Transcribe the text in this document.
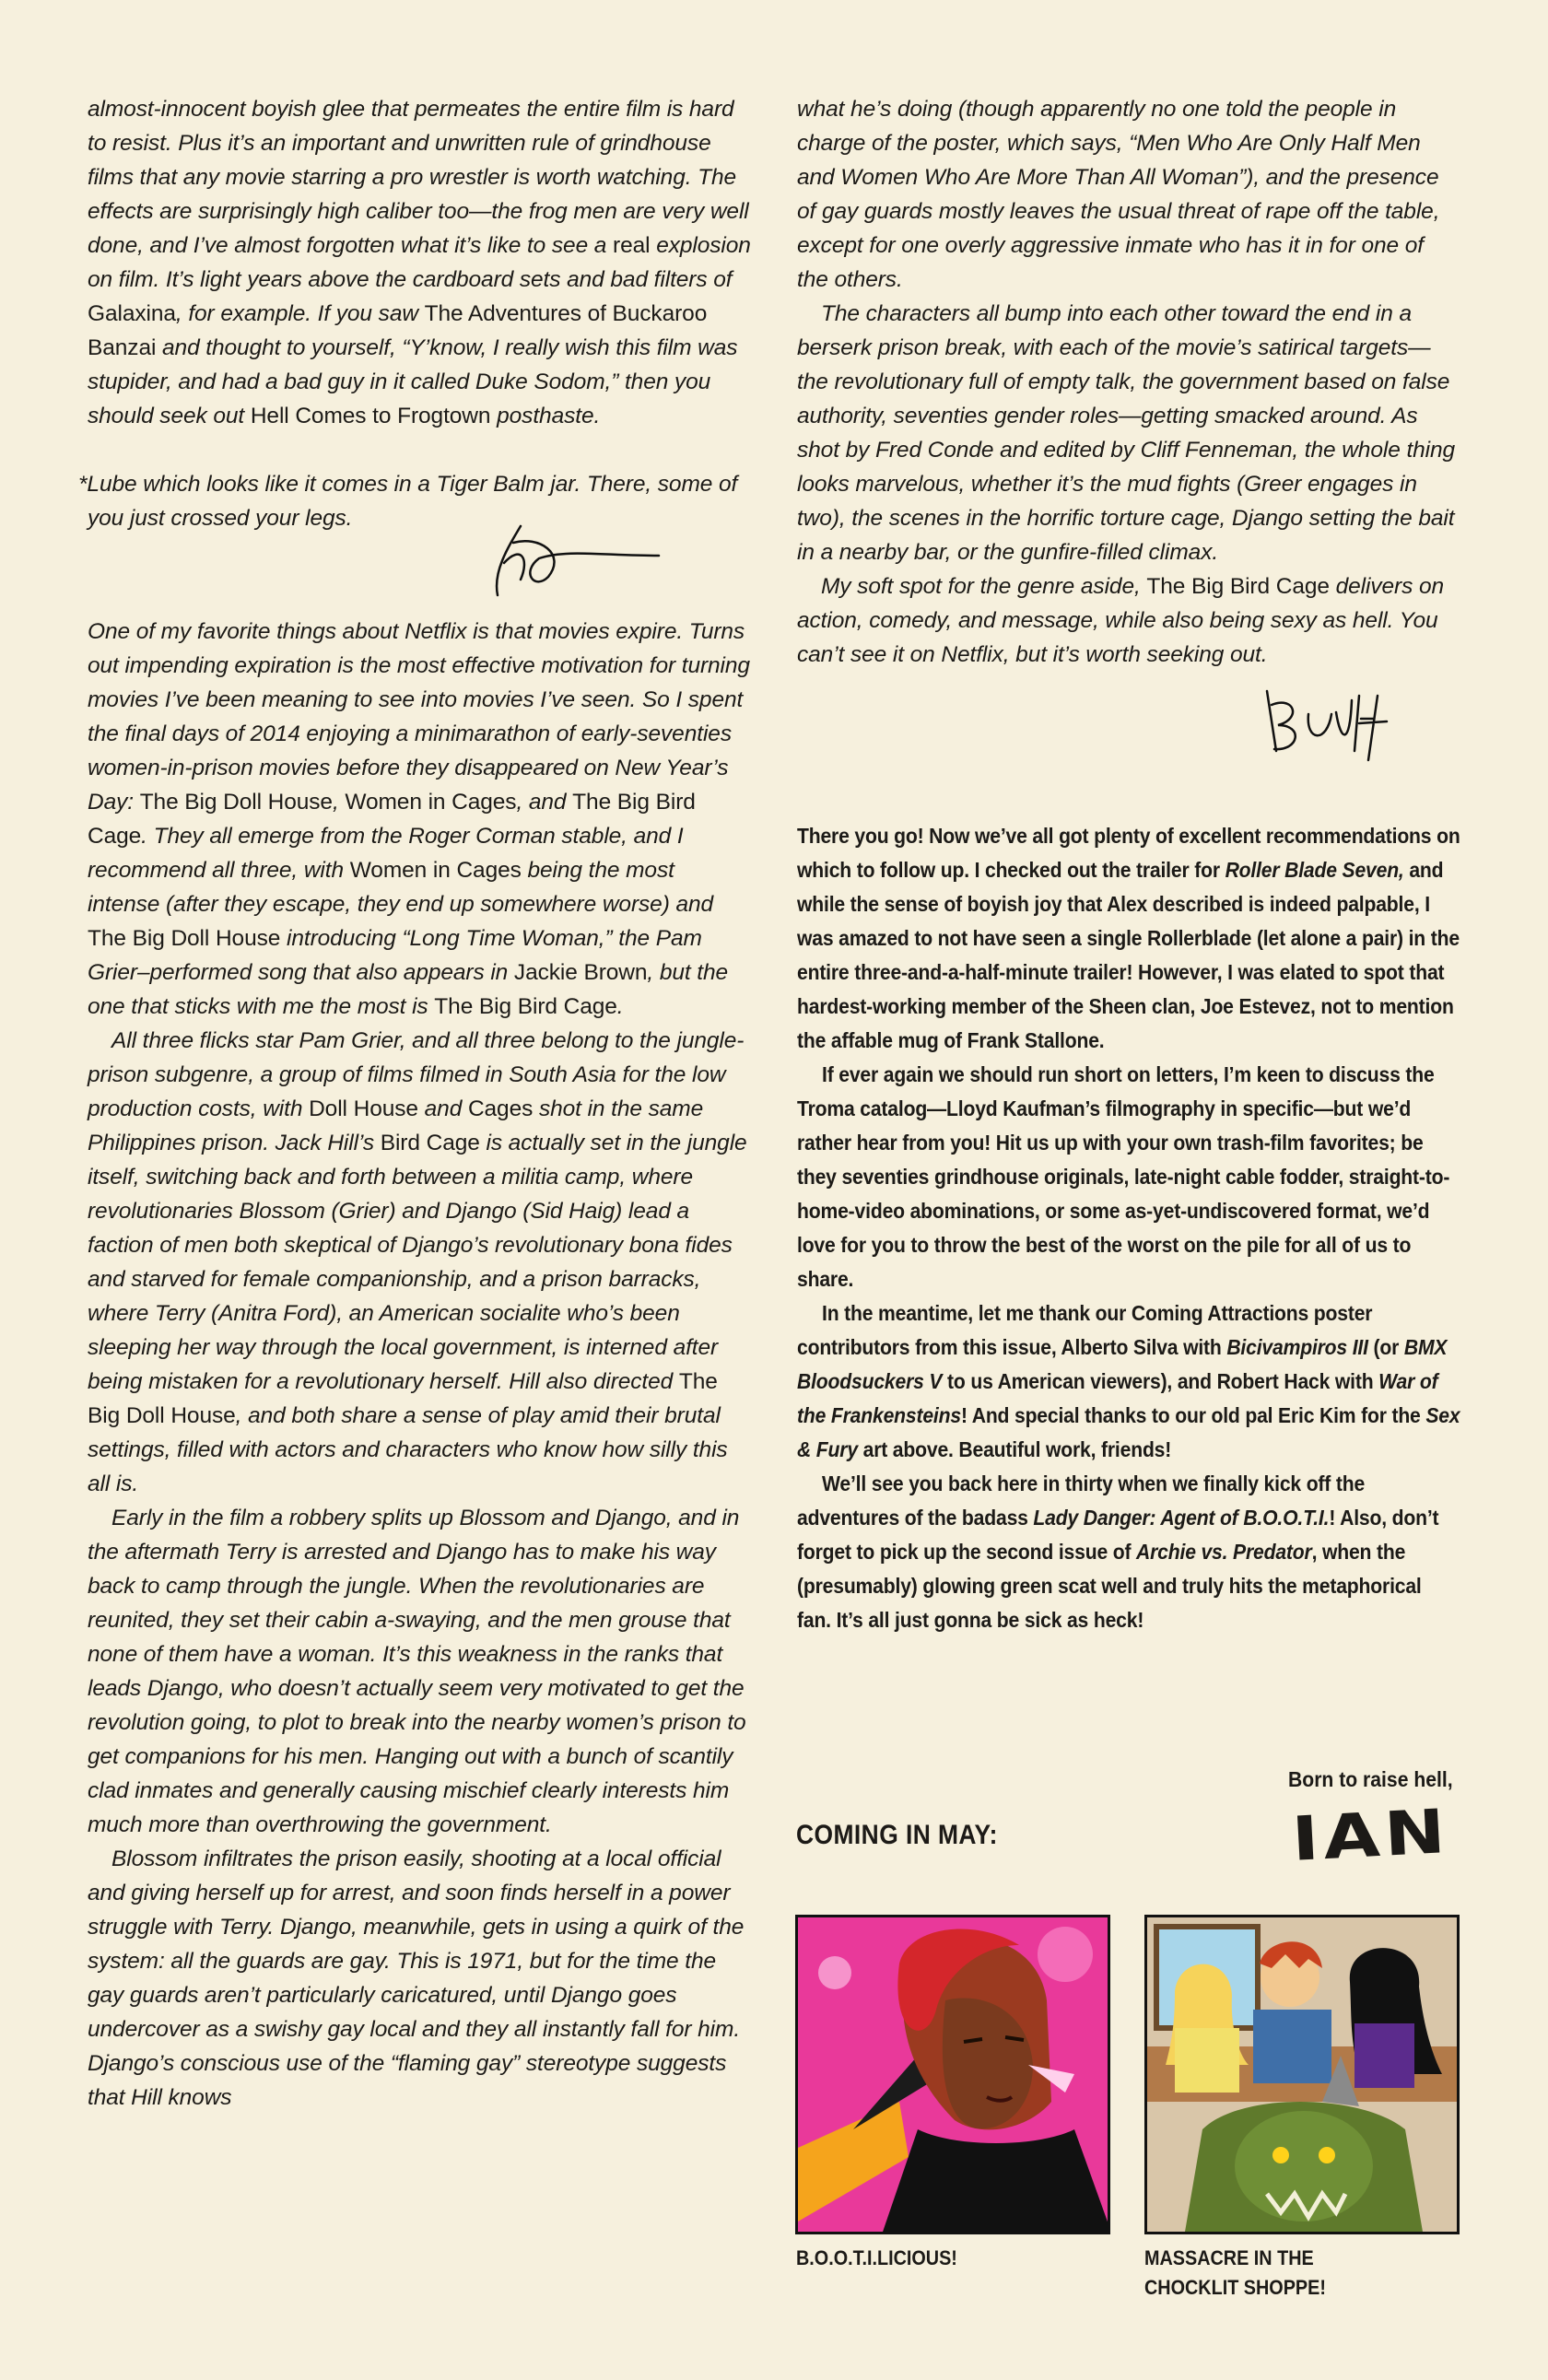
almost-innocent boyish glee that permeates the entire film is hard to resist. Plus it’s an important and unwritten rule of grindhouse films that any movie starring a pro wrestler is worth watching. The effects are surprisingly high caliber too—the frog men are very well done, and I’ve almost forgotten what it’s like to see a real explosion on film. It’s light years above the cardboard sets and bad filters of Galaxina, for example. If you saw The Adventures of Buckaroo Banzai and thought to yourself, “Y’know, I really wish this film was stupider, and had a bad guy in it called Duke Sodom,” then you should seek out Hell Comes to Frogtown posthaste.

*Lube which looks like it comes in a Tiger Balm jar. There, some of you just crossed your legs.

One of my favorite things about Netflix is that movies expire. Turns out impending expiration is the most effective motivation for turning movies I’ve been meaning to see into movies I’ve seen. So I spent the final days of 2014 enjoying a minimarathon of early-seventies women-in-prison movies before they disappeared on New Year’s Day: The Big Doll House, Women in Cages, and The Big Bird Cage. They all emerge from the Roger Corman stable, and I recommend all three, with Women in Cages being the most intense (after they escape, they end up somewhere worse) and The Big Doll House introducing “Long Time Woman,” the Pam Grier–performed song that also appears in Jackie Brown, but the one that sticks with me the most is The Big Bird Cage.

All three flicks star Pam Grier, and all three belong to the jungle-prison subgenre, a group of films filmed in South Asia for the low production costs, with Doll House and Cages shot in the same Philippines prison. Jack Hill’s Bird Cage is actually set in the jungle itself, switching back and forth between a militia camp, where revolutionaries Blossom (Grier) and Django (Sid Haig) lead a faction of men both skeptical of Django’s revolutionary bona fides and starved for female companionship, and a prison barracks, where Terry (Anitra Ford), an American socialite who’s been sleeping her way through the local government, is interned after being mistaken for a revolutionary herself. Hill also directed The Big Doll House, and both share a sense of play amid their brutal settings, filled with actors and characters who know how silly this all is.

Early in the film a robbery splits up Blossom and Django, and in the aftermath Terry is arrested and Django has to make his way back to camp through the jungle. When the revolutionaries are reunited, they set their cabin a-swaying, and the men grouse that none of them have a woman. It’s this weakness in the ranks that leads Django, who doesn’t actually seem very motivated to get the revolution going, to plot to break into the nearby women’s prison to get companions for his men. Hanging out with a bunch of scantily clad inmates and generally causing mischief clearly interests him much more than overthrowing the government.

Blossom infiltrates the prison easily, shooting at a local official and giving herself up for arrest, and soon finds herself in a power struggle with Terry. Django, meanwhile, gets in using a quirk of the system: all the guards are gay. This is 1971, but for the time the gay guards aren’t particularly caricatured, until Django goes undercover as a swishy gay local and they all instantly fall for him. Django’s conscious use of the “flaming gay” stereotype suggests that Hill knows

what he’s doing (though apparently no one told the people in charge of the poster, which says, “Men Who Are Only Half Men and Women Who Are More Than All Woman”), and the presence of gay guards mostly leaves the usual threat of rape off the table, except for one overly aggressive inmate who has it in for one of the others.

The characters all bump into each other toward the end in a berserk prison break, with each of the movie’s satirical targets—the revolutionary full of empty talk, the government based on false authority, seventies gender roles—getting smacked around. As shot by Fred Conde and edited by Cliff Fenneman, the whole thing looks marvelous, whether it’s the mud fights (Greer engages in two), the scenes in the horrific torture cage, Django setting the bait in a nearby bar, or the gunfire-filled climax.

My soft spot for the genre aside, The Big Bird Cage delivers on action, comedy, and message, while also being sexy as hell. You can’t see it on Netflix, but it’s worth seeking out.

There you go! Now we’ve all got plenty of excellent recommendations on which to follow up. I checked out the trailer for Roller Blade Seven, and while the sense of boyish joy that Alex described is indeed palpable, I was amazed to not have seen a single Rollerblade (let alone a pair) in the entire three-and-a-half-minute trailer! However, I was elated to spot that hardest-working member of the Sheen clan, Joe Estevez, not to mention the affable mug of Frank Stallone.

If ever again we should run short on letters, I’m keen to discuss the Troma catalog—Lloyd Kaufman’s filmography in specific—but we’d rather hear from you! Hit us up with your own trash-film favorites; be they seventies grindhouse originals, late-night cable fodder, straight-to-home-video abominations, or some as-yet-undiscovered format, we’d love for you to throw the best of the worst on the pile for all of us to share.

In the meantime, let me thank our Coming Attractions poster contributors from this issue, Alberto Silva with Bicivampiros III (or BMX Bloodsuckers V to us American viewers), and Robert Hack with War of the Frankensteins! And special thanks to our old pal Eric Kim for the Sex & Fury art above. Beautiful work, friends!

We’ll see you back here in thirty when we finally kick off the adventures of the badass Lady Danger: Agent of B.O.O.T.I.! Also, don’t forget to pick up the second issue of Archie vs. Predator, when the (presumably) glowing green scat well and truly hits the metaphorical fan. It’s all just gonna be sick as heck!

Born to raise hell,
IAN
COMING IN MAY:
B.O.O.T.I.LICIOUS!	MASSACRE IN THE
CHOCKLIT SHOPPE!
